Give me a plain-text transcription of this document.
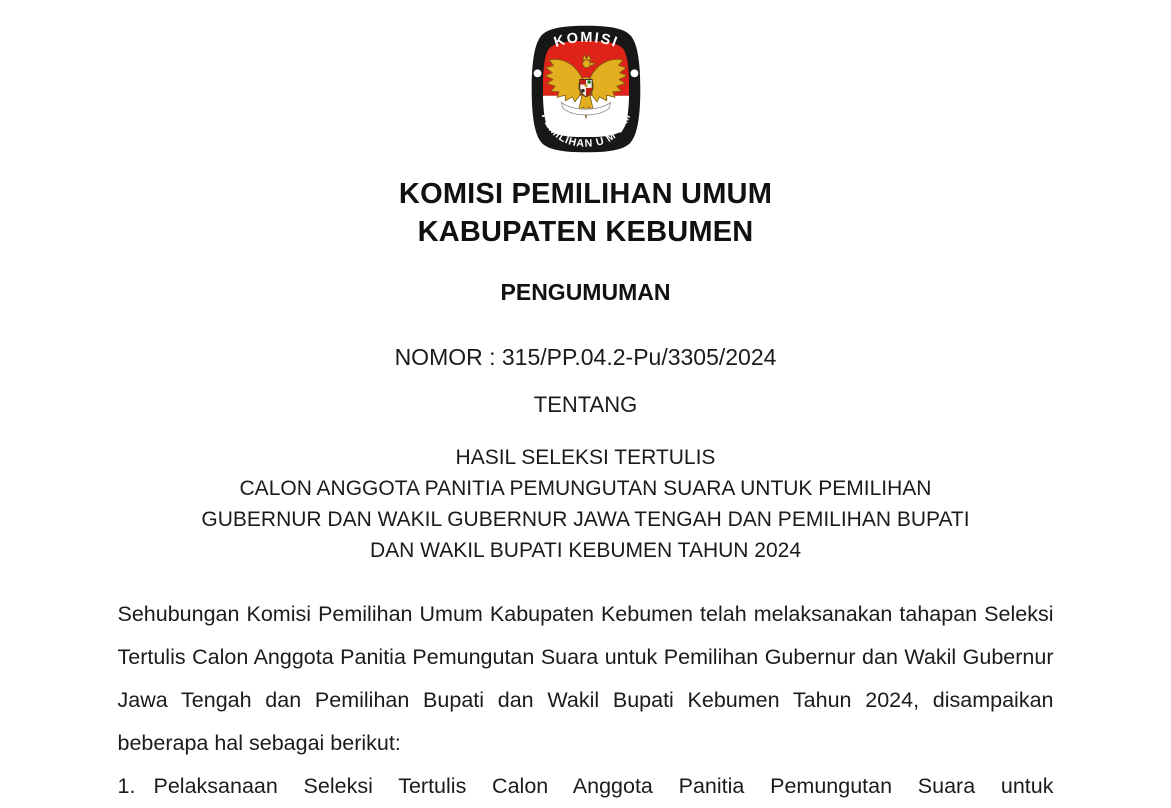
KOMISI
PEMILIHAN U M U M
KOMISI PEMILIHAN UMUM
KABUPATEN KEBUMEN
PENGUMUMAN
NOMOR : 315/PP.04.2-Pu/3305/2024
TENTANG
HASIL SELEKSI TERTULIS
CALON ANGGOTA PANITIA PEMUNGUTAN SUARA UNTUK PEMILIHAN
GUBERNUR DAN WAKIL GUBERNUR JAWA TENGAH DAN PEMILIHAN BUPATI
DAN WAKIL BUPATI KEBUMEN TAHUN 2024
Sehubungan Komisi Pemilihan Umum Kabupaten Kebumen telah melaksanakan tahapan Seleksi Tertulis Calon Anggota Panitia Pemungutan Suara untuk Pemilihan Gubernur dan Wakil Gubernur Jawa Tengah dan Pemilihan Bupati dan Wakil Bupati Kebumen Tahun 2024, disampaikan beberapa hal sebagai berikut:
1. Pelaksanaan Seleksi Tertulis Calon Anggota Panitia Pemungutan Suara untuk
